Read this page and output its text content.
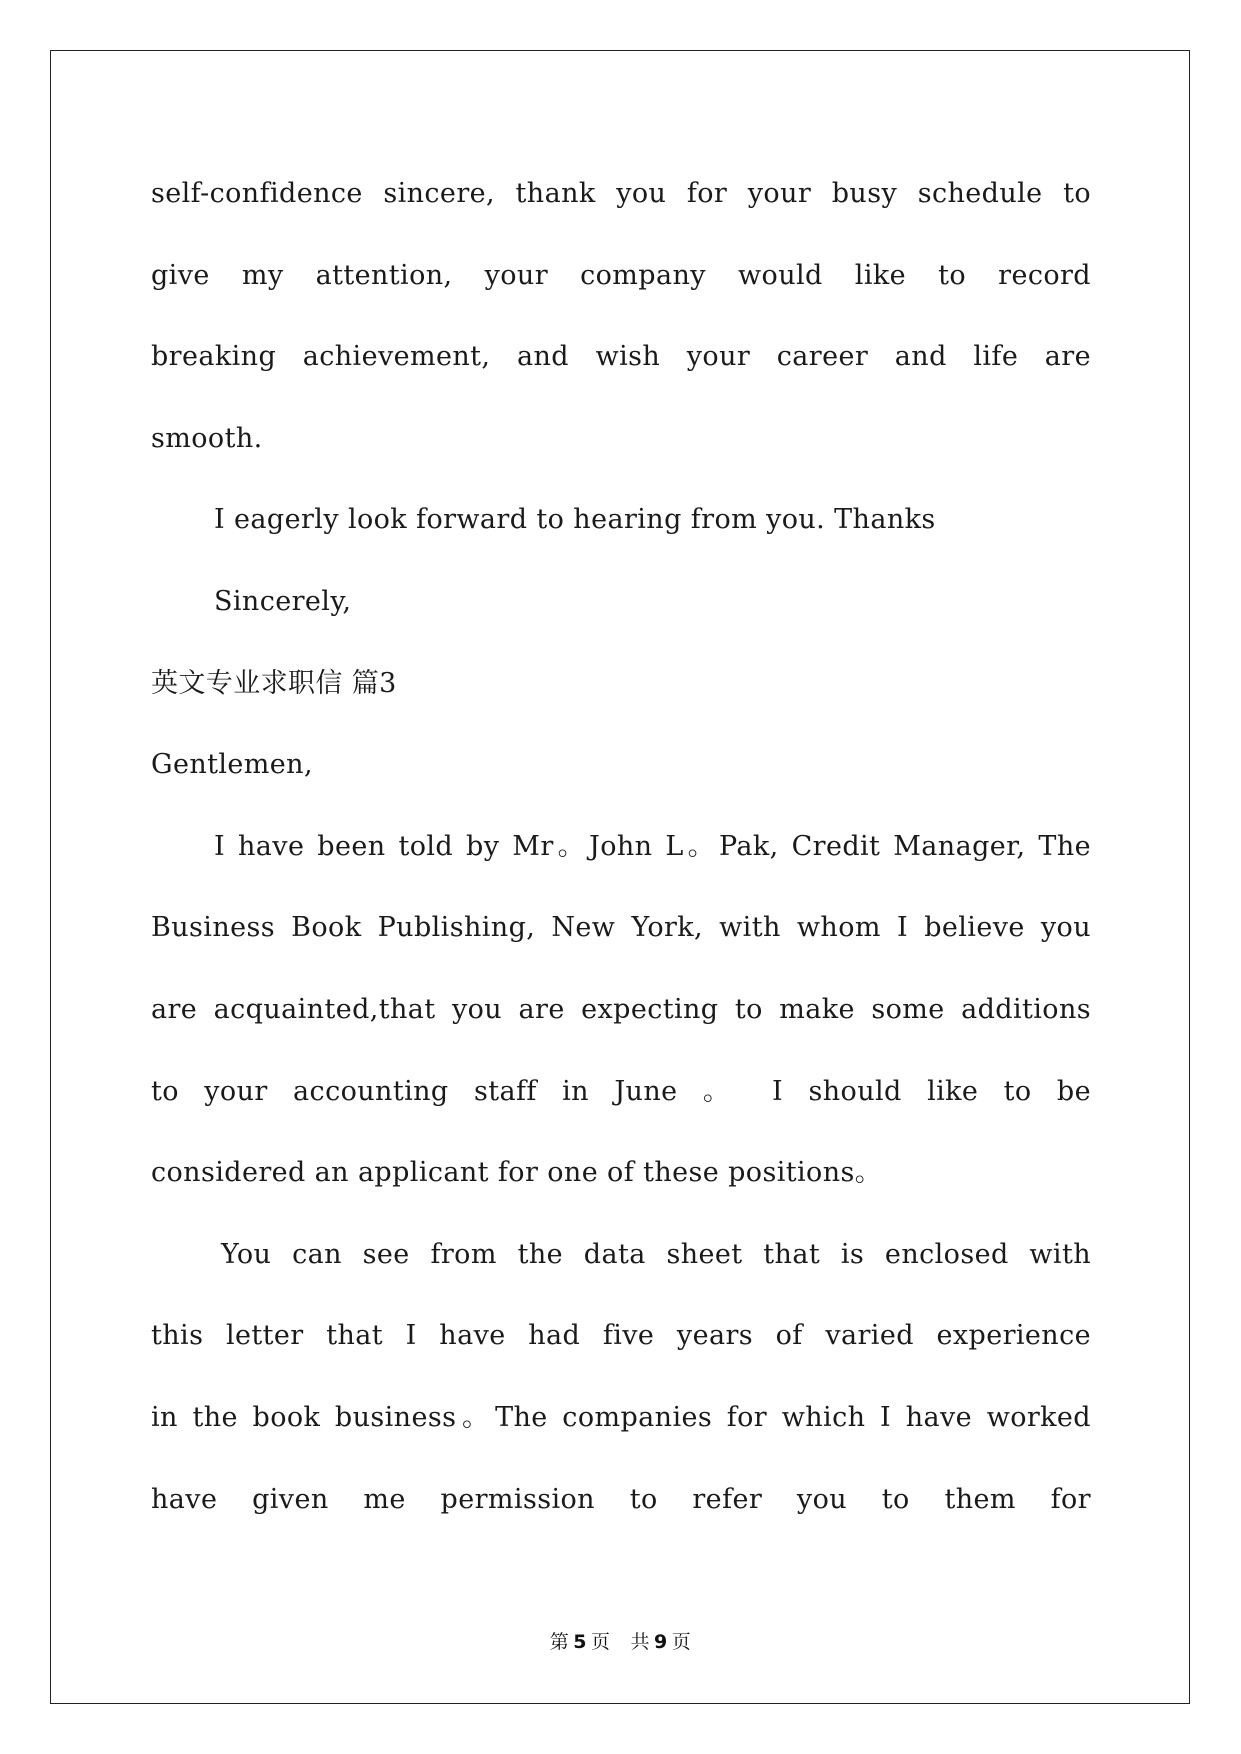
self-confidence sincere, thank you for your busy schedule to
give my attention, your company would like to record
breaking achievement, and wish your career and life are
smooth.
I eagerly look forward to hearing from you. Thanks
Sincerely,
英文专业求职信 篇3
Gentlemen,
I have been told by Mr。John L。Pak, Credit Manager, The
Business Book Publishing, New York, with whom I believe you
are acquainted,that you are expecting to make some additions
to your accounting staff in June 。 I should like to be
considered an applicant for one of these positions。
You can see from the data sheet that is enclosed with
this letter that I have had five years of varied experience
in the book business。The companies for which I have worked
have given me permission to refer you to them for
第 5 页 共 9 页
